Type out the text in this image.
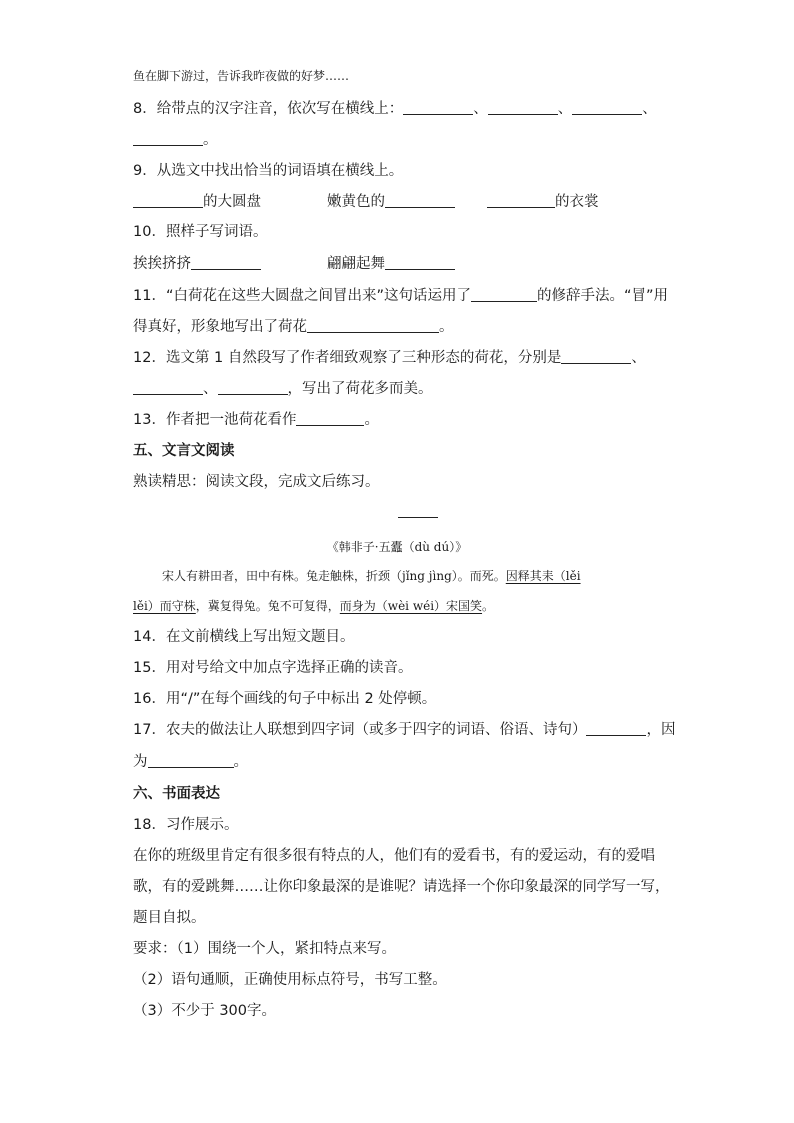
鱼在脚下游过，告诉我昨夜做的好梦……
8．给带点的汉字注音，依次写在横线上：	、	、	、
。
9．从选文中找出恰当的词语填在横线上。
的大圆盘	嫩黄色的	的衣裳
10．照样子写词语。
挨挨挤挤	翩翩起舞
11．“白荷花在这些大圆盘之间冒出来”这句话运用了	的修辞手法。“冒”用
得真好，形象地写出了荷花	。
12．选文第 1 自然段写了作者细致观察了三种形态的荷花，分别是	、
、	，写出了荷花多而美。
13．作者把一池荷花看作	。
五、文言文阅读
熟读精思：阅读文段，完成文后练习。
《韩非子·五蠹（dù dú）》
宋人有耕田者，田中有株。兔走触株，折颈（jǐng jìng）。而死。因释其耒（lěi
lěi）而守株，冀复得兔。兔不可复得，而身为（wèi wéi）宋国笑。
14．在文前横线上写出短文题目。
15．用对号给文中加点字选择正确的读音。
16．用“/”在每个画线的句子中标出 2 处停顿。
17．农夫的做法让人联想到四字词（或多于四字的词语、俗语、诗句）	，因
为	。
六、书面表达
18．习作展示。
在你的班级里肯定有很多很有特点的人，他们有的爱看书，有的爱运动，有的爱唱
歌，有的爱跳舞……让你印象最深的是谁呢？请选择一个你印象最深的同学写一写，
题目自拟。
要求：（1）围绕一个人，紧扣特点来写。
（2）语句通顺，正确使用标点符号，书写工整。
（3）不少于 300字。
